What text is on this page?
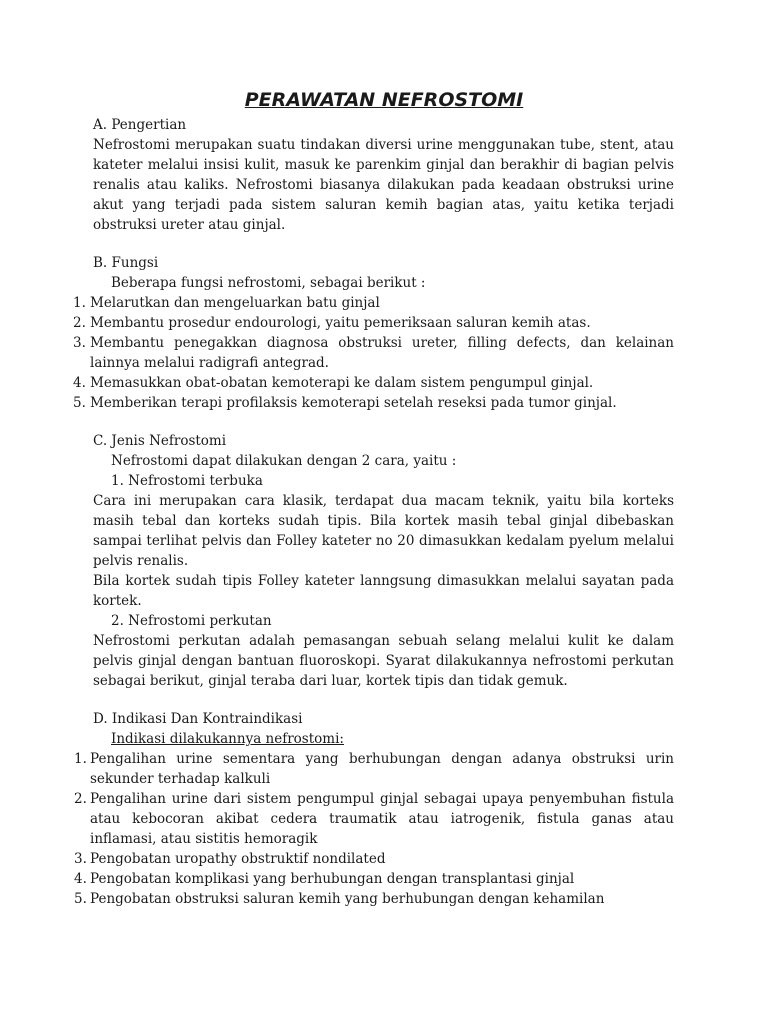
PERAWATAN NEFROSTOMI

A. Pengertian

Nefrostomi merupakan suatu tindakan diversi urine menggunakan tube, stent, atau kateter melalui insisi kulit, masuk ke parenkim ginjal dan berakhir di bagian pelvis renalis atau kaliks. Nefrostomi biasanya dilakukan pada keadaan obstruksi urine akut yang terjadi pada sistem saluran kemih bagian atas, yaitu ketika terjadi obstruksi ureter atau ginjal.

B. Fungsi

Beberapa fungsi nefrostomi, sebagai berikut :

1. Melarutkan dan mengeluarkan batu ginjal
2. Membantu prosedur endourologi, yaitu pemeriksaan saluran kemih atas.
3. Membantu penegakkan diagnosa obstruksi ureter, filling defects, dan kelainan lainnya melalui radigrafi antegrad.
4. Memasukkan obat-obatan kemoterapi ke dalam sistem pengumpul ginjal.
5. Memberikan terapi profilaksis kemoterapi setelah reseksi pada tumor ginjal.

C. Jenis Nefrostomi

Nefrostomi dapat dilakukan dengan 2 cara, yaitu :

1. Nefrostomi terbuka

Cara ini merupakan cara klasik, terdapat dua macam teknik, yaitu bila korteks masih tebal dan korteks sudah tipis. Bila kortek masih tebal ginjal dibebaskan sampai terlihat pelvis dan Folley kateter no 20 dimasukkan kedalam pyelum melalui pelvis renalis.

Bila kortek sudah tipis Folley kateter lanngsung dimasukkan melalui sayatan pada kortek.

2. Nefrostomi perkutan

Nefrostomi perkutan adalah pemasangan sebuah selang melalui kulit ke dalam pelvis ginjal dengan bantuan fluoroskopi. Syarat dilakukannya nefrostomi perkutan sebagai berikut, ginjal teraba dari luar, kortek tipis dan tidak gemuk.

D. Indikasi Dan Kontraindikasi

Indikasi dilakukannya nefrostomi:

1. Pengalihan urine sementara yang berhubungan dengan adanya obstruksi urin sekunder terhadap kalkuli
2. Pengalihan urine dari sistem pengumpul ginjal sebagai upaya penyembuhan fistula atau kebocoran akibat cedera traumatik atau iatrogenik, fistula ganas atau inflamasi, atau sistitis hemoragik
3. Pengobatan uropathy obstruktif nondilated
4. Pengobatan komplikasi yang berhubungan dengan transplantasi ginjal
5. Pengobatan obstruksi saluran kemih yang berhubungan dengan kehamilan
